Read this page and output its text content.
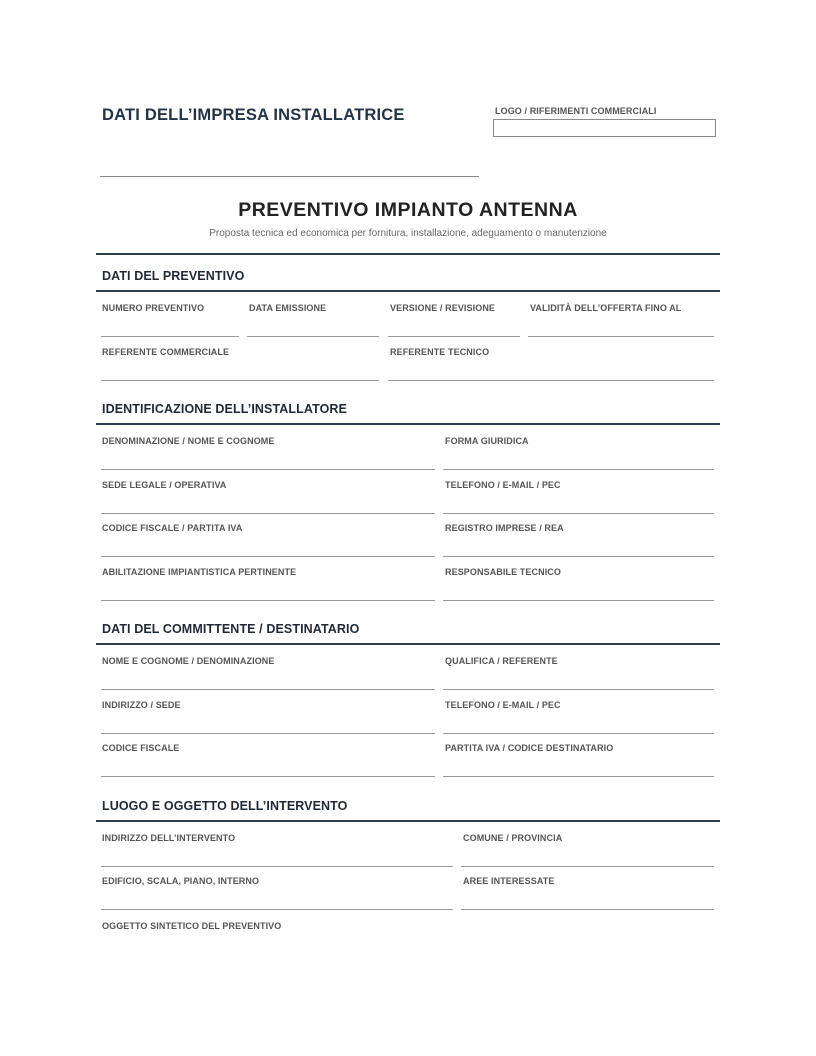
DATI DELL’IMPRESA INSTALLATRICE	LOGO / RIFERIMENTI COMMERCIALI
PREVENTIVO IMPIANTO ANTENNA
Proposta tecnica ed economica per fornitura, installazione, adeguamento o manutenzione
DATI DEL PREVENTIVO
NUMERO PREVENTIVO	DATA EMISSIONE	VERSIONE / REVISIONE	VALIDITÀ DELL’OFFERTA FINO AL
REFERENTE COMMERCIALE	REFERENTE TECNICO
IDENTIFICAZIONE DELL’INSTALLATORE
DENOMINAZIONE / NOME E COGNOME	FORMA GIURIDICA
SEDE LEGALE / OPERATIVA	TELEFONO / E-MAIL / PEC
CODICE FISCALE / PARTITA IVA	REGISTRO IMPRESE / REA
ABILITAZIONE IMPIANTISTICA PERTINENTE	RESPONSABILE TECNICO
DATI DEL COMMITTENTE / DESTINATARIO
NOME E COGNOME / DENOMINAZIONE	QUALIFICA / REFERENTE
INDIRIZZO / SEDE	TELEFONO / E-MAIL / PEC
CODICE FISCALE	PARTITA IVA / CODICE DESTINATARIO
LUOGO E OGGETTO DELL’INTERVENTO
INDIRIZZO DELL’INTERVENTO	COMUNE / PROVINCIA
EDIFICIO, SCALA, PIANO, INTERNO	AREE INTERESSATE
OGGETTO SINTETICO DEL PREVENTIVO
